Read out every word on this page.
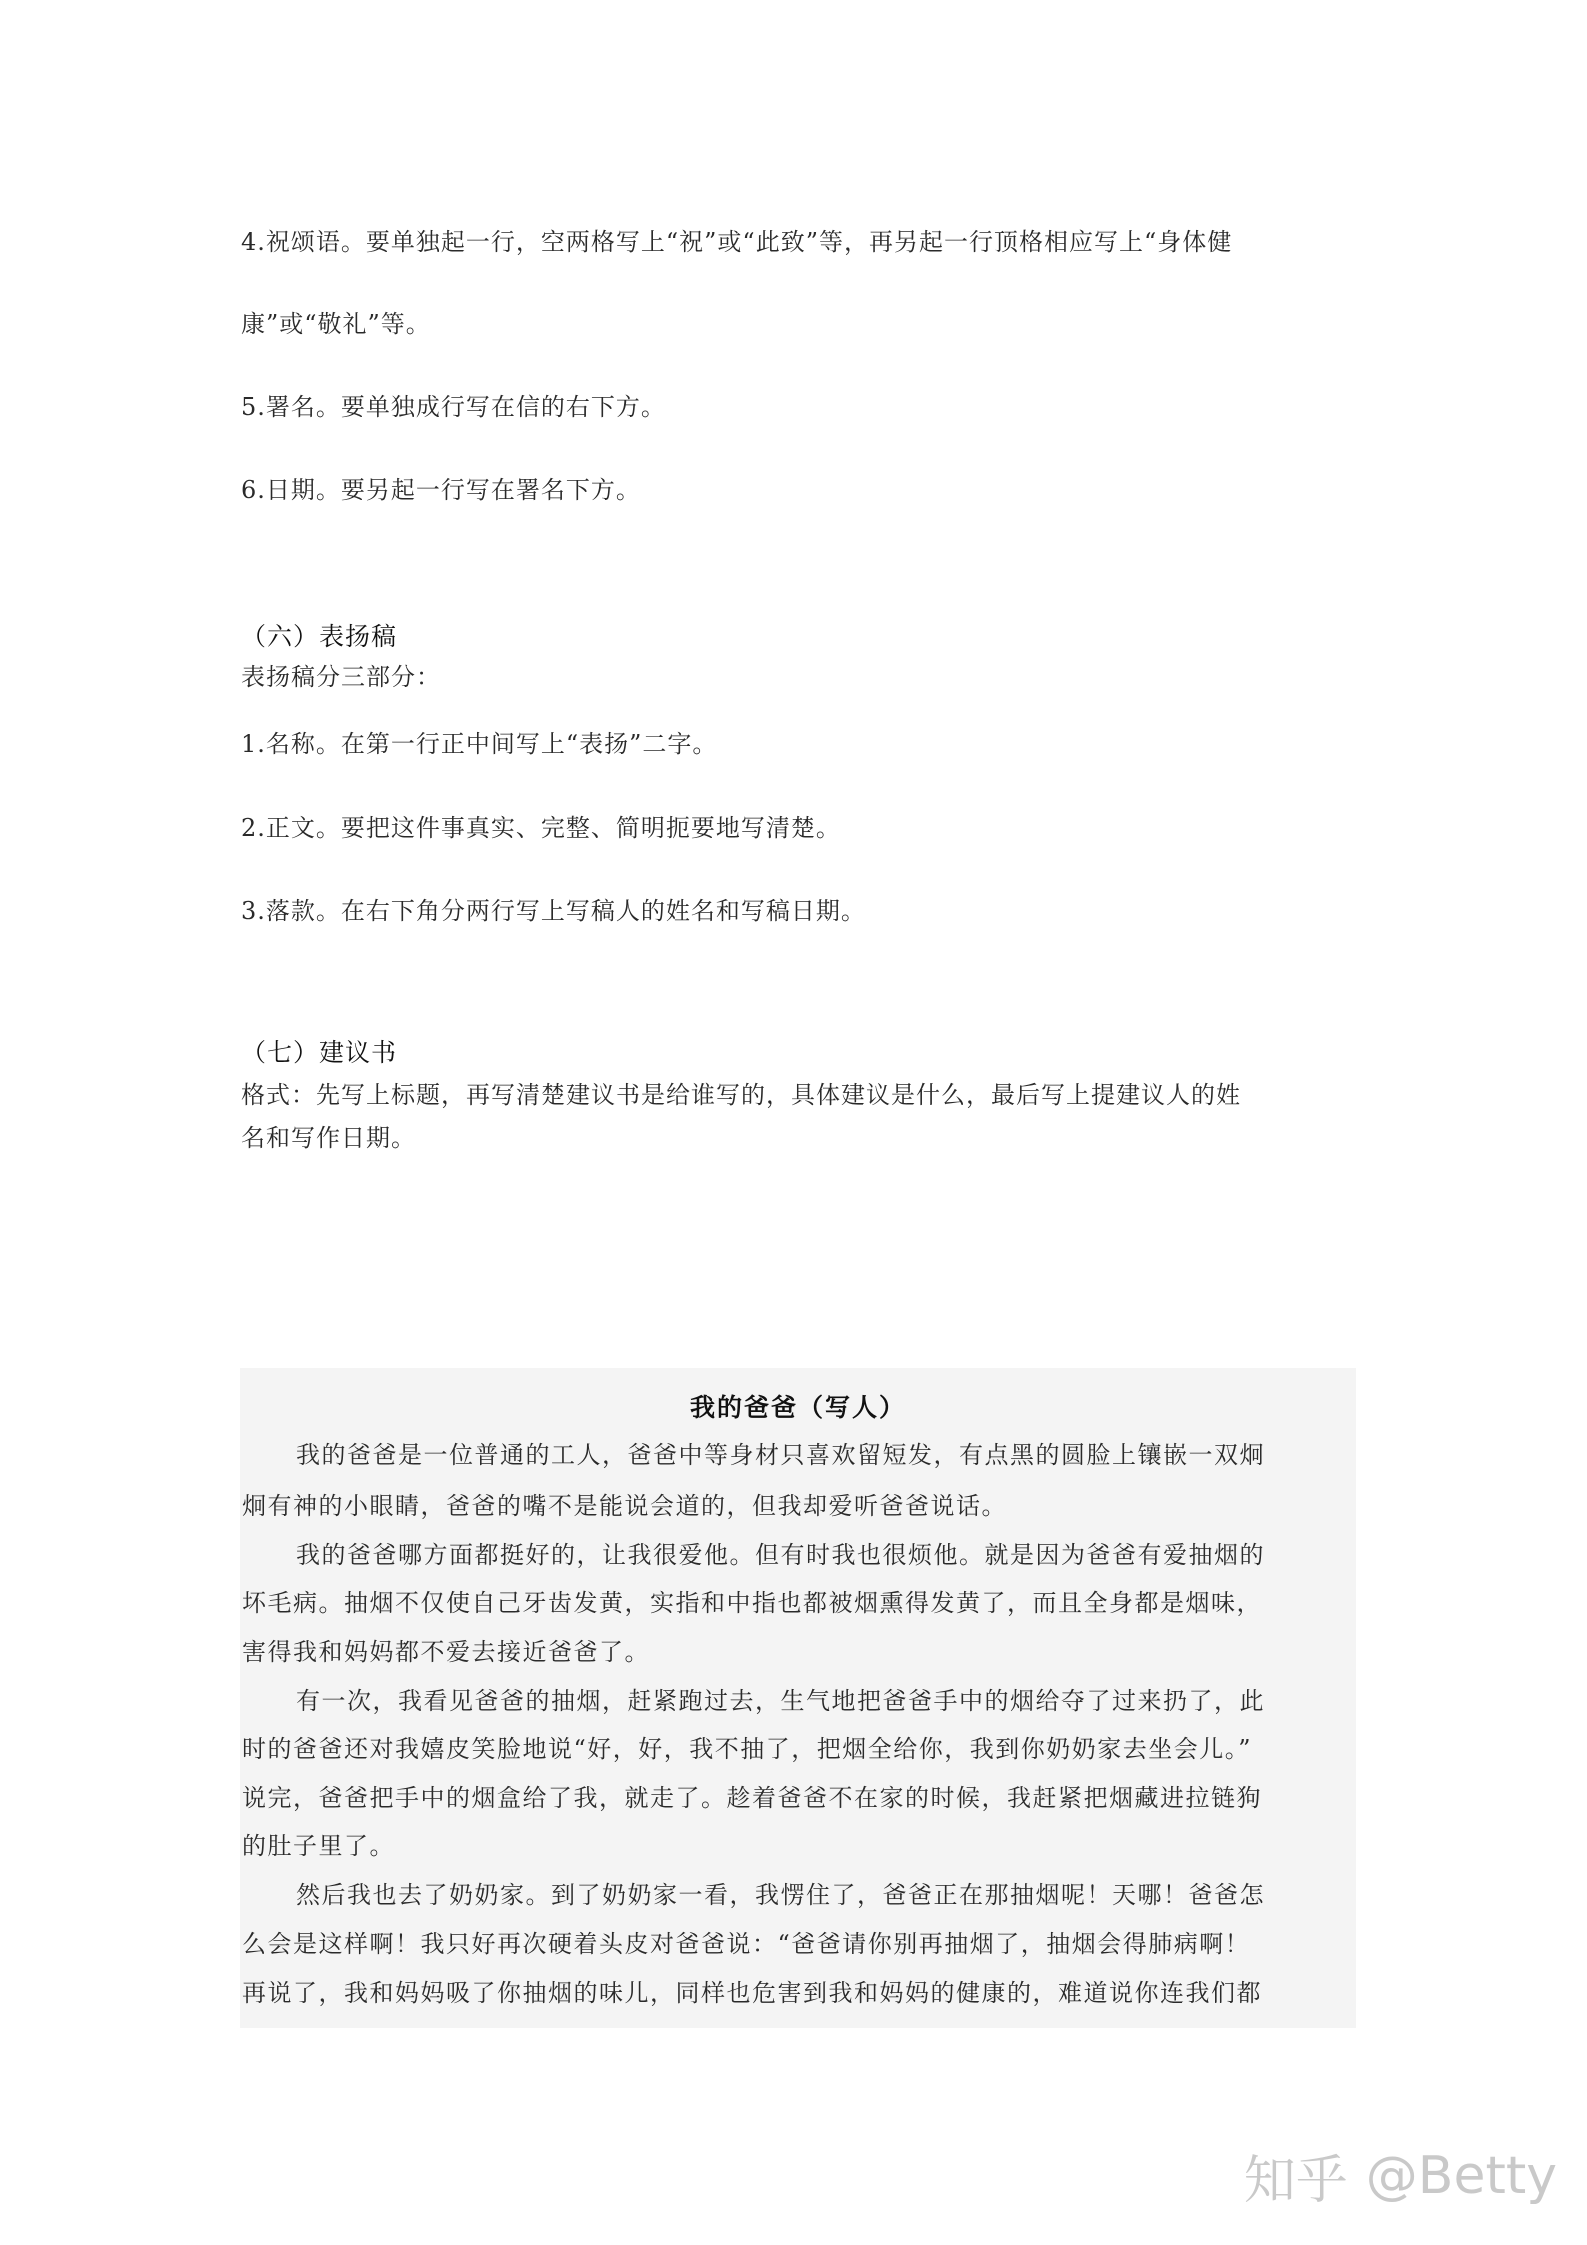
4.祝颂语。要单独起一行，空两格写上“祝”或“此致”等，再另起一行顶格相应写上“身体健
康”或“敬礼”等。
5.署名。要单独成行写在信的右下方。
6.日期。要另起一行写在署名下方。
（六）表扬稿
表扬稿分三部分：
1.名称。在第一行正中间写上“表扬”二字。
2.正文。要把这件事真实、完整、简明扼要地写清楚。
3.落款。在右下角分两行写上写稿人的姓名和写稿日期。
（七）建议书
格式：先写上标题，再写清楚建议书是给谁写的，具体建议是什么，最后写上提建议人的姓
名和写作日期。
我的爸爸（写人）
我的爸爸是一位普通的工人，爸爸中等身材只喜欢留短发，有点黑的圆脸上镶嵌一双炯
炯有神的小眼睛，爸爸的嘴不是能说会道的，但我却爱听爸爸说话。
我的爸爸哪方面都挺好的，让我很爱他。但有时我也很烦他。就是因为爸爸有爱抽烟的
坏毛病。抽烟不仅使自己牙齿发黄，实指和中指也都被烟熏得发黄了，而且全身都是烟味，
害得我和妈妈都不爱去接近爸爸了。
有一次，我看见爸爸的抽烟，赶紧跑过去，生气地把爸爸手中的烟给夺了过来扔了，此
时的爸爸还对我嬉皮笑脸地说“好，好，我不抽了，把烟全给你，我到你奶奶家去坐会儿。”
说完，爸爸把手中的烟盒给了我，就走了。趁着爸爸不在家的时候，我赶紧把烟藏进拉链狗
的肚子里了。
然后我也去了奶奶家。到了奶奶家一看，我愣住了，爸爸正在那抽烟呢！天哪！爸爸怎
么会是这样啊！我只好再次硬着头皮对爸爸说：“爸爸请你别再抽烟了，抽烟会得肺病啊！
再说了，我和妈妈吸了你抽烟的味儿，同样也危害到我和妈妈的健康的，难道说你连我们都
知乎 @Betty
